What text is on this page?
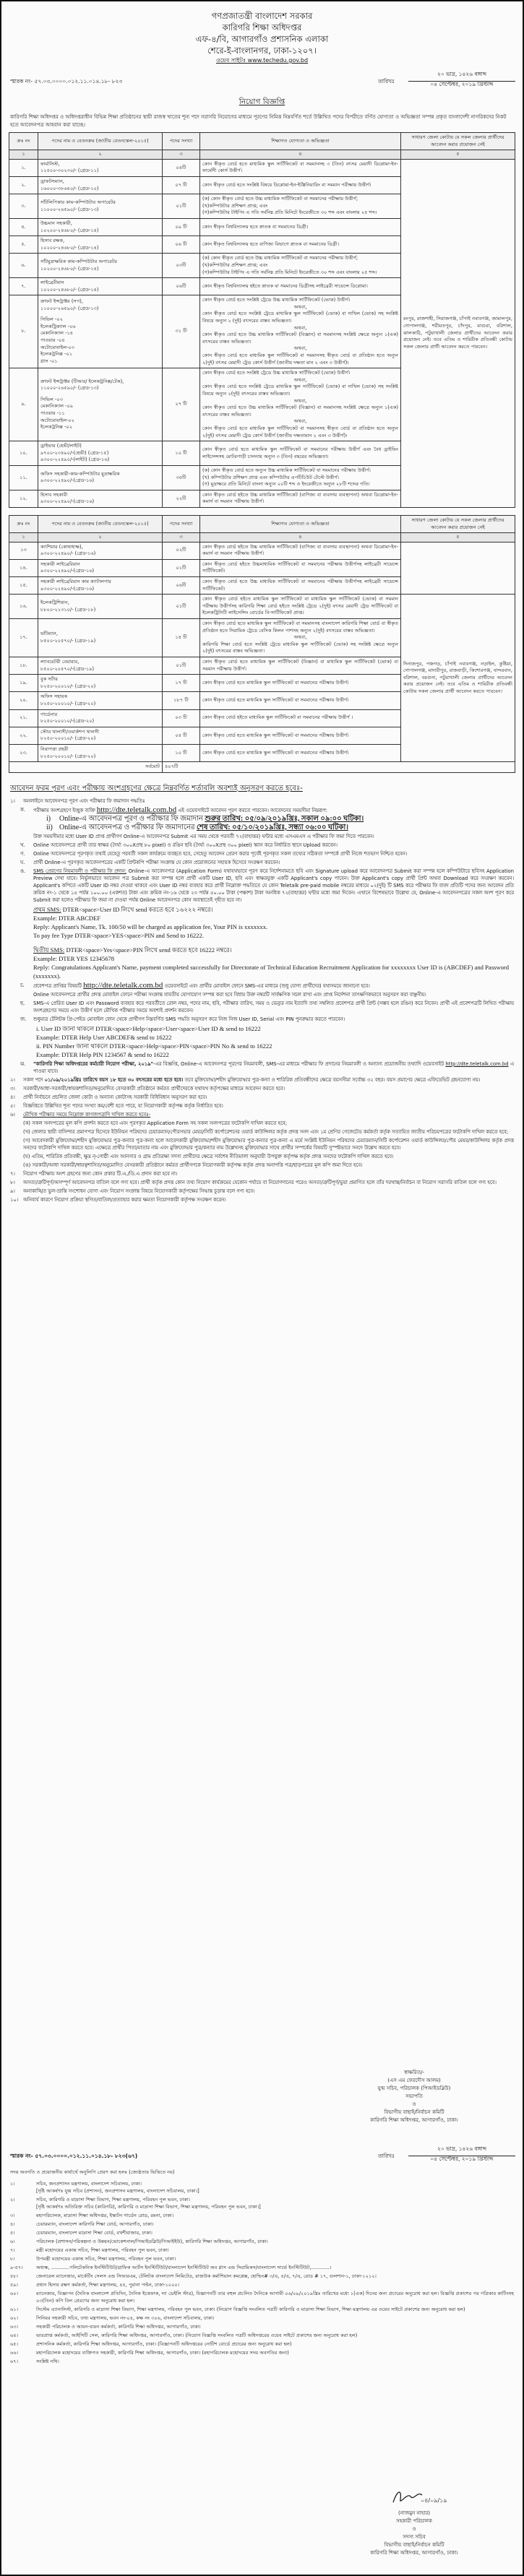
গণপ্রজাতন্ত্রী বাংলাদেশ সরকার
কারিগরি শিক্ষা অধিদপ্তর
এফ-৪/বি, আগারগাঁও প্রশাসনিক এলাকা
শেরে-ই-বাংলানগর, ঢাকা-১২০৭।
ওয়েব সাইটঃ www.techedu.gov.bd
স্মারক নং- ৫৭.০৩.০০০০.০১২.১১.০১৪.১৮- ৮২৩	তারিখঃ
২০ ভাদ্র, ১৪২৬ বঙ্গাব্দ
০৪ সেপ্টেম্বর, ২০১৯ খ্রিস্টাব্দ
নিয়োগ বিজ্ঞপ্তি
কারিগরি শিক্ষা অধিদপ্তর ও অধিদপ্তরাধীন বিভিন্ন শিক্ষা প্রতিষ্ঠানের স্থায়ী রাজস্ব খাতের শূন্য পদে সরাসরি নিয়োগের মাধ্যমে পূরণের নিমিত্ত নিম্নবর্ণিত শর্তে উল্লিখিত পদের বিপরীতে বর্ণিত যোগ্যতা ও অভিজ্ঞতা সম্পন্ন প্রকৃত বাংলাদেশী নাগরিকদের নিকট হতে আবেদনপত্র আহবান করা যাচ্ছে।
ক্রঃ নং	পদের নাম ও বেতনক্রম (জাতীয় বেতনস্কেল-২০১৫)	পদের সংখ্যা	শিক্ষাগত যোগ্যতা ও অভিজ্ঞতা	সাধারণ জেলা কোটায় যে সকল জেলার প্রার্থীদের আবেদন করার প্রয়োজন নেই
১	২	৩	৪	৫
১.	
ফার্মাসিস্ট,
১২৫০০-৩০২৩০/- (গ্রেড-১১)
	০৪টি	কোন স্বীকৃত বোর্ড হতে মাধ্যমিক স্কুল সার্টিফিকেট বা সমমানসহ ৩ (তিন) বৎসর মেয়াদী ডিপ্লোমা-ইন-ফার্মেসী কোর্স উত্তীর্ণ।	রংপুর, রাজশাহী, সিরাজগঞ্জ, চাঁপাই নবাবগঞ্জ, জামালপুর, গোপালগঞ্জ, শরীয়তপুর, চাঁদপুর, মাগুরা, বরিশাল, ঝালকাঠি, পটুয়াখালী জেলার প্রার্থীদের আবেদন করার প্রয়োজন নেই। তবে এতিম ও শারিরীক প্রতিবন্ধী কোটায় সকল জেলার প্রার্থী আবেদন করতে পারবেন।
২.	
ড্রাফটসম্যান,
১৬০০০-৩৮৬৪০/- (গ্রেড-১০)
	০৭ টি	কোন স্বীকৃত বোর্ড হতে সংশ্লিষ্ট বিষয়ে ডিপ্লোমা-ইন-ইঞ্জিনিয়ারিং বা সমমান পরীক্ষায় উত্তীর্ণ।
৩.	
সাঁটলিপিকার কাম-কম্পিউটার অপারেটর
১১০০০-২৬৫৯০/- (গ্রেড-১৩)
	০১টি	
(ক) কোন স্বীকৃত বোর্ড হতে উচ্চ মাধ্যমিক সার্টিফিকেট বা সমমানের পরীক্ষায় উত্তীর্ণ;
(খ)কম্পিউটার প্রশিক্ষণ প্রাপ্ত; এবং
(গ)কম্পিউটার টাইপিং এ গতি সর্বনিম্ন প্রতি মিনিটে ইংরেজীতে ৩০ শব্দ এবং বাংলায় ২৫ শব্দ।

৪.	
উচ্চমান সহকারী,
১০২০০-২৪৬৮০/- (গ্রেড-১৪)
	০৯ টি	কোন স্বীকৃত বিশ্ববিদ্যালয় হতে স্নাতক বা সমমানের ডিগ্রী।
৫.	
হিসাব রক্ষক,
১০২০০-২৪৬৮০/- (গ্রেড-১৪)
	০৬ টি	কোন স্বীকৃত বিশ্ববিদ্যালয় হতে বাণিজ্য বিভাগে স্নাতক বা সমমানের ডিগ্রী।
৬.	
সাঁটমুদ্রাক্ষরিক কাম-কম্পিউটার অপারেটর
১০২০০-২৪৬৮০/- (গ্রেড-১৪)
	০৩টি	
(ক) কোন স্বীকৃত বোর্ড হতে উচ্চ মাধ্যমিক সার্টিফিকেট বা সমমানের পরীক্ষায় উত্তীর্ণ;
(খ)কম্পিউটার প্রশিক্ষণ প্রাপ্ত; এবং
(গ)কম্পিউটার টাইপিং এ গতি সর্বনিম্ন প্রতি মিনিটে ইংরেজীতে ৩০ শব্দ এবং বাংলায় ২৫ শব্দ।

৭.	
লাইব্রেরীয়ান
১০২০০-২৪৬৮০/- (গ্রেড-১৪)
	০৬টি	কোন স্বীকৃত বিশ্ববিদ্যালয় হইতে স্নাতক বা সমমানের ডিগ্রীসহ লাইব্রেরী সায়েন্সে ডিপ্লোমা।
৮.	
ক্রাফট ইন্সট্রাক্টর (সপ),
১১০০০-২৬৫৯০/- (গ্রেড-১৩)
সিভিল -০২
ইলেকট্রিক্যাল -০৬
মেকানিক্যাল -১৪
পাওয়ার -০৪
অটোমোবাইল-০৩
ইলেকট্রনিক্স -০১
গ্লাস -০১
	৩১ টি	
কোন স্বীকৃত বোর্ড হতে সংশ্লিষ্ট ট্রেডে উচ্চ মাধ্যমিক সার্টিফিকেট (ভোক) উত্তীর্ণ।
অথবা,
কোন স্বীকৃত বোর্ড হতে সংশ্লিষ্ট ট্রেডে মাধ্যমিক স্কুল সার্টিফিকেট (ভোক) বা দাখিল (ভোক) সহ সংশ্লিষ্ট বিষয়ে অন্যুন ২ (দুই) বৎসরের বাস্তব অভিজ্ঞতা।
অথবা,
কোন স্বীকৃত বোর্ড হতে উচ্চ মাধ্যমিক সার্টিফিকেট (বিজ্ঞান) বা সমমানসহ সংশ্লিষ্ট ক্ষেত্রে অন্যুন ১(এক) বৎসরের বাস্তব অভিজ্ঞতা।
অথবা,
কোন স্বীকৃত বোর্ড হতে মাধ্যমিক স্কুল সার্টিফিকেট বা সমমানসহ স্বীকৃত বোর্ড বা প্রতিষ্ঠান হতে অন্যুন ২(দুই) বৎসর মেয়াদী ট্রেড কোর্স উত্তীর্ণ (জাতীয় দক্ষতা মান ২ এবং ৩ উত্তীর্ণ)।

৯.	
ক্রাফট ইন্সট্রাক্টর (টিআর/ ইলেকট্রনিক্স/টেক),
১১০০০-২৬৫৯০/- (গ্রেড-১৩)
সিভিল -০৩
মেকানিক্যাল -০৯
পাওয়ার -১১
অটোমোবাইল-০২
ইলেকট্রনিক্স -০২
	২৭ টি	
কোন স্বীকৃত বোর্ড হতে সংশ্লিষ্ট ট্রেডে উচ্চ মাধ্যমিক সার্টিফিকেট (ভোক) উত্তীর্ণ।
অথবা,
কোন স্বীকৃত বোর্ড হতে সংশ্লিষ্ট ট্রেডে মাধ্যমিক স্কুল সার্টিফিকেট (ভোক) বা দাখিল (ভোক) সহ সংশ্লিষ্ট বিষয়ে অন্যুন ২(দুই) বৎসরের বাস্তব অভিজ্ঞতা।
অথবা,
কোন স্বীকৃত বোর্ড হতে উচ্চ মাধ্যমিক সার্টিফিকেট (বিজ্ঞান) বা সমমানসহ সংশ্লিষ্ট ক্ষেত্রে অন্যুন ১(এক) বৎসরের বাস্তব অভিজ্ঞতা।
অথবা,
কোন স্বীকৃত বোর্ড হতে মাধ্যমিক স্কুল সার্টিফিকেট বা সমমানসহ স্বীকৃত বোর্ড বা প্রতিষ্ঠান হতে অন্যুন ২(দুই) বৎসর মেয়াদী ট্রেড কোর্স উত্তীর্ণ (জাতীয় দক্ষতামান ২ এবং ৩ উত্তীর্ণ)।

১০.	
ড্রাইভার (হেভী/লাইট)
৯৭০০-২৩৪৯০/-(হেভী) (গ্রেড-১৫)
৯৩০০-২২৪৯০/-(লাইট) (গ্রেড-১৬)
	১০ টি	কোন স্বীকৃত বোর্ড হতে মাধ্যমিক স্কুল সার্টিফিকেট বা সমমানের পরীক্ষায় উত্তীর্ণ এবং বৈধ ড্রাইভিং লাইসেন্সসহ মোটরগাড়ী চালনায় অন্যুন ৩ (তিন) বছরের অভিজ্ঞতা।
১১.	
অফিস সহকারী-কাম-কম্পিউটার মুদ্রাক্ষরিক
৯৩০০-২২৪৯০/-(গ্রেড-১৬)
	৩৫টি	
(ক) কোন স্বীকৃত বোর্ড হতে অন্যুন উচ্চ মাধ্যমিক সার্টিফিকেট বা সমমানের পরীক্ষায় উত্তীর্ণ।
(খ) কম্পিউটার প্রশিক্ষণ প্রাপ্ত এবং কম্পিউটার এপটিচিউট টেস্টে উত্তীর্ণ।
(গ) মুদ্রাক্ষরে প্রতি মিনিটে বাংলা অন্যুন ২০টি শব্দ ও ইংরেজীতে অন্যুন ২৮টি শব্দের গতি।

১২.	
হিসাব সহকারী
৯৩০০-২২৪৯০/-(গ্রেড-১৬)
	২২টি	কোন স্বীকৃত বোর্ড হইতে উচ্চ মাধ্যমিক সার্টিফিকেট (বাণিজ্য বা ব্যবসায় ব্যবস্থাপনা) অথবা ডিপ্লোমা-ইন-কমার্স বা সমমান পরীক্ষায় উত্তীর্ণ।
ক্রঃ নং	পদের নাম ও বেতনক্রম (জাতীয় বেতনস্কেল-২০১৫)	পদের সংখ্যা	শিক্ষাগত যোগ্যতা ও অভিজ্ঞতা	সাধারণ জেলা কোটায় যে সকল জেলার প্রার্থীদের আবেদন করার প্রয়োজন নেই
১	২	৩	৪	৫
১৩	
ক্যাশিয়ার (কোষাধ্যক্ষ),
৯৩০০-২২৪৯০/- (গ্রেড-১৬)
	০২টি	কোন স্বীকৃত বোর্ড হইতে উচ্চ মাধ্যমিক সার্টিফিকেট (বাণিজ্য বা ব্যবসায় ব্যবস্থাপনা) অথবা ডিপ্লোমা-ইন-কমার্স বা সমমান পরীক্ষায় উত্তীর্ণ।	
১৪.	
সহকারী লাইব্রেরিয়ান
৯৩০০-২২৪৯০/-(গ্রেড-১৬)
	০১টি	কোন স্বীকৃত বোর্ড হইতে উচ্চমাধ্যমিক সার্টিফিকেট বা সমমানের পরীক্ষায় উত্তীর্ণসহ লাইব্রেরী সায়েন্সে সার্টিফিকেট।
১৫.	
সহকারী লাইব্রেরিয়ান কাম ক্যাটালগার
৯৩০০-২২৪৯০/-(গ্রেড-১৬)
	০৬টি	কোন স্বীকৃত বোর্ড হতে উচ্চ মাধ্যমিক সার্টিফিকেট বা সমমানের পরীক্ষায় উত্তীর্ণসহ লাইব্রেরী সায়েন্সে সার্টিফিকেট।
১৬.	
ইলেকট্রিশিয়ান,
৮৮০০-২১৩১০/- (গ্রেড-১৮)
	০১টি	কোন স্বীকৃত বোর্ড হইতে মাধ্যমিক স্কুল সার্টিফিকেট বা মাধ্যমিক স্কুল সার্টিফিকেট (ভোক) বা সমমান পরীক্ষায় উত্তীর্ণসহ কারিগরি শিক্ষা বোর্ড হইতে সংশ্লিষ্ট ট্রেডে ২(দুই) বৎসর মেয়াদী ট্রেড সার্টিফিকেট বা ইলেকট্রিসিটি লাইসেন্সিং বোর্ডের বি-সার্টিফিকেট প্রাপ্ত।	দিনাজপুর, পঞ্চগড়, চাঁপাই নবাবগঞ্জ, নড়াইল, কুষ্টিয়া, গোপালগঞ্জ, মাদারীপুর, রাজবাড়ী, কিশোরগঞ্জ, বান্দরবান, বরিশাল, বরগুনা, পটুয়াখালী জেলার প্রার্থীদের আবেদন করার প্রয়োজন নেই। তবে এতিম ও শারিরীক প্রতিবন্ধী কোটায় সকল জেলার প্রার্থী আবেদন করতে পারবেন।
১৭.	
ভাঁটম্যান,
৮৫০০-২০৫৭০/- (গ্রেড-১৯)
	১৪ টি	
কোন স্বীকৃত বোর্ড হতে মাধ্যমিক স্কুল সার্টিফিকেট বা সমমানসহ বাংলাদেশ কারিগরি শিক্ষা বোর্ড বা স্বীকৃত প্রতিষ্ঠান হতে সিরামিক ট্রেডে বেসিক কিলন পাশসহ অন্যুন ২(দুই) বৎসরের বাস্তব অভিজ্ঞতা।
অথবা,
কারিগরি শিক্ষা বোর্ড হতে সংশ্লিষ্ট ট্রেডে মাধ্যমিক স্কুল সার্টিফিকেট (ভোক) সহ সংশ্লিষ্ট ক্ষেত্রে অন্যুন ২(দুই) বৎসরের বাস্তব অভিজ্ঞতা।

১৮.	
ল্যাবরেটরী বেয়ারার,
৮৫০০-২০৫৭০/-(গ্রেড-১৯)
	০১টি	কোন স্বীকৃত বোর্ড হতে মাধ্যমিক স্কুল সার্টিফিকেট (বিজ্ঞান) বা মাধ্যমিক স্কুল সার্টিফিকেট (ভোক) বা সমমান পরীক্ষায় উত্তীর্ণ।
১৯.	
বুক সর্টার
৮২৫০-২০০১০/- (গ্রেড-২০)
	১৭ টি	কোন স্বীকৃত বোর্ড হতে মাধ্যমিক স্কুল সার্টিফিকেট বা সমমানের পরীক্ষায় উত্তীর্ণ।
২০.	
অফিস সহায়ক
৮২৫০-২০০১০/- (গ্রেড-২০)
	১৮৭ টি	কোন স্বীকৃত বোর্ড হতে মাধ্যমিক স্কুল সার্টিফিকেট বা সমমানের পরীক্ষায় উত্তীর্ণ।
২১.	
গার্ডেনার
৮২৫০-২০০১০/-(গ্রেড-২০)
	০৩ টি	কোন স্বীকৃত বোর্ড হইতে মাধ্যমিক স্কুল সার্টিফিকেট বা সমমানের পরীক্ষায় উত্তীর্ণ ।
২২.	
স্টোর খালাসী/ওয়ার্কশপ খালসী
৮২৫০-২০০১০/- (গ্রেড-২০)
	০৪ টি	কোন স্বীকৃত বোর্ড হতে মাধ্যমিক স্কুল সার্টিফিকেট বা সমমানের পরীক্ষায় উত্তীর্ণ।
২৩.	
নিরাপত্তা প্রহরী
৮২৫০-২০০১০/- (গ্রেড-২০)
	১০ টি	কোন স্বীকৃত বোর্ড হতে মাধ্যমিক স্কুল সার্টিফিকেট বা সমমানের পরীক্ষায় উত্তীর্ণ।
সর্বমোট	৪০৭টি
আবেদন ফরম পূরণ এবং পরীক্ষায় অংশগ্রহণের ক্ষেত্রে নিম্নবর্ণিত শর্তাবলি অবশ্যই অনুসরণ করতে হবেঃ-
১।	অনলাইনে আবেদনপত্র পূরণ এবং পরীক্ষার ফি জমাদান পদ্ধতিঃ
ক.	পরীক্ষায় অংশগ্রহণে ইচ্ছুক ব্যক্তি http://dte.teletalk.com.bd এই ওয়েবসাইটে আবেদন পূরণ করতে পারবেন। আবেদনের সময়সীমা নিম্নরূপ:
i)	Online-এ আবেদনপত্র পূরণ ও পরীক্ষার ফি জমাদান শুরুর তারিখ: ০৫/০৯/২০১৯খ্রিঃ, সকাল ০৯:০০ ঘটিকা।
ii) Online-এ আবেদনপত্র ও পরীক্ষার ফি জমাদানের শেষ তারিখ: ০৫/১০/২০১৯খ্রিঃ, সন্ধ্যা ০৬:০০ ঘটিকা।
উক্ত সময়সীমার মধ্যে User ID প্রাপ্ত প্রার্থীগণ Online-এ আবেদনপত্র Submit এর সময় থেকে পরবর্তী ৭২(বাহাত্তর) ঘন্টার মধ্যে এসএমএস এ পরীক্ষার ফি জমা দিতে পারবেন।
খ.	Online আবেদনপত্রে প্রার্থী তার স্বাক্ষর (দৈর্ঘ্য ৩০০Xপ্রস্থ ৮০ pixel) ও রঙিন ছবি (দৈর্ঘ্য ৩০০Xপ্রস্থ ৩০০ pixel) স্ক্যান করে নির্ধারিত স্থানে Upload করবেন।
গ.	Online আবেদনপত্রে পূরণকৃত তথ্যই যেহেতু পরবর্তী সকল কার্যক্রমে ব্যবহৃত হবে, সেহেতু আবেদন প্রেরণ করার পূর্বেই পূরণকৃত সকল তথ্যের সঠিকতা সম্পর্কে প্রার্থী নিজে শতভাগ নিশ্চিত হবেন।
ঘ.	প্রার্থী Online-এ পূরণকৃত আবেদনপত্রের একটি প্রিন্টকপি পরীক্ষা সংক্রান্ত যে কোন প্রয়োজনের সহায়ক হিসেবে সংরক্ষণ করবেন।
ঙ.	SMS প্রেরণের নিয়মাবলী ও পরীক্ষার ফি প্রদান: Online-এ আবেদনপত্র (Application Form) যথাযথভাবে পূরণ করে নির্দেশনামতে ছবি এবং Signature upload করে আবেদনপত্র Submit করা সম্পন্ন হলে কম্পিউটারে ছবিসহ Application Preview দেখা যাবে। নির্ভুলভাবে আবেদন পত্র Submit করা সম্পন্ন হলে প্রার্থী একটি User ID, ছবি এবং স্বাক্ষরযুক্ত একটি Applicant's copy পাবেন। উক্ত Applicant's copy প্রার্থী প্রিন্ট অথবা Download করে সংরক্ষণ করবেন। Applicant's কপিতে একটি User ID নম্বর দেওয়া থাকবে এবং User ID নম্বর ব্যবহার করে প্রার্থী নিম্নোক্ত পদ্ধতিতে যে কোন Teletalk pre-paid mobile নম্বরের মাধ্যমে ০২(দুই) টি SMS করে পরীক্ষার ফি বাবদ প্রতিটি পদের জন্য আবেদন প্রতি ক্রমিক নং-১ থেকে ১৫ পর্যন্ত ১০০.০০ (একশত) টাকা এবং ক্রমিক নং-১৬ থেকে ২৩ পর্যন্ত ৫০.০০ টাকা (পঞ্চাশ) টাকা অনধিক ৭২(বাহাত্তর) ঘন্টার মধ্যে জমা দিবেন। এখানে বিশেষভাবে উল্লেখ্য যে, Online-এ আবেদনপত্রের সকল অংশ পূরণ করে Submit করা হলেও পরীক্ষার ফি জমা না দেওয়া পর্যন্ত Online আবেদনপত্র কোন অবস্থাতেই গৃহীত হবে না।
প্রথম SMS: DTER<space>User ID লিখে send করতে হবে ১৬২২২ নম্বরে।
Example: DTER ABCDEF
Reply: Applicant's Name, Tk. 100/50 will be charged as application fee, Your PIN is xxxxxxx.
To pay fee Type DTER<space>YES<space>PIN and Send to 16222.
দ্বিতীয় SMS: DTER<space>Yes<space>PIN লিখে send করতে হবে 16222 নম্বরে।
Example: DTER YES 12345678
Reply: Congratulations Applicant's Name, payment completed successfully for Directorate of Technical Education Recruitment Application for xxxxxxxx User ID is (ABCDEF) and Password (xxxxxxx).
চ.	প্রবেশপত্র প্রাপ্তির বিষয়টি http://dte.teletalk.com.bd ওয়েবসাইটে এবং প্রার্থীর মোবাইল ফোনে SMS-এর মাধ্যমে (শুধু যোগ্য প্রার্থীদের) যথাসময়ে জানানো হবে।
Online আবেদনপত্রে প্রার্থীর প্রদত্ত মোবাইল ফোনে পরীক্ষা সংক্রান্ত যাবতীয় যোগাযোগ সম্পন্ন করা হবে বিধায় উক্ত নম্বরটি সার্বক্ষণিক সচল রাখা এবং প্রাপ্ত নির্দেশনা তাৎক্ষণিকভাবে অনুসরণ করা বাঞ্ছনীয়।
ছ.	SMS-এ প্রেরিত User ID এবং Password ব্যবহার করে পরবর্তীতে রোল নম্বর, পদের নাম, ছবি, পরীক্ষার তারিখ, সময় ও ভেন্যুর নাম ইত্যাদি তথ্য সম্বলিত প্রবেশপত্র প্রার্থী প্রিন্ট (সম্ভব হলে রঙিন) করে নিবেন। প্রার্থী এই প্রবেশপত্রটি লিখিত পরীক্ষায় অংশগ্রহণের সময়ে এবং উত্তীর্ণ হলে মৌখিক পরীক্ষার সময়ে অবশ্যই প্রদর্শন করবেন।
জ.	শুধুমাত্র টেলিটক প্রি-পেইড মোবাইল ফোন থেকে প্রার্থীগণ নিম্নবর্ণিত SMS পদ্ধতি অনুসরণ করে নিজ নিজ User ID, Serial এবং PIN পুনরুদ্ধার করতে পারবেন।
i. User ID জানা থাকলে DTER<space>Help<space>User<space>User ID & send to 16222
Example: DTER Help User ABCDEF& send to 16222
ii. PIN Number জানা থাকলে DTER<space>Help<space>PIN<space>PIN No & send to 16222
Example: DTER Help PIN 1234567 & send to 16222
ঝ.	"কারিগরি শিক্ষা অধিদপ্তরের কর্মচারী নিয়োগ পরীক্ষা, ২০১৯"-এর বিজ্ঞপ্তি, Online-এ আবেদনপত্র পূরণের নিয়মাবলী, SMS-এর মাধ্যমে পরীক্ষার ফি প্রদানের নিয়মাবলী ও অন্যান্য প্রয়োজনীয় তথ্যাদি ওয়েবসাইট http://dte.teletalk.com.bd এ পাওয়া যাবে।
২।	সকল পদে ০১/০৯/২০১৯খ্রিঃ তারিখে বয়স ১৮ হতে ৩০ বৎসরের মধ্যে হতে হবে। তবে মুক্তিযোদ্ধা/শহীদ মুক্তিযোদ্ধার পুত্র-কন্যা ও শারিরিক প্রতিবন্ধীদের ক্ষেত্রে বয়সসীমা সর্বোচ্চ ৩২ বছর। বয়স প্রমাণের ক্ষেত্রে এফিডেভিট গ্রহনযোগ্য নয়।
৩।	সরকারী/আধা-সরকারী/স্বায়ত্তশাসিত/অনুমোদিত বেসরকারী প্রতিষ্ঠানে কর্মরত প্রার্থীদেরকে যথাযথ কর্তৃপক্ষের মাধ্যমে আবেদন করতে হবে।
৪।	প্রার্থী নির্বাচনে প্রচলিত জেলা কোটা ও অন্যান্য কোটাসহ সরকারী বিধিবিধান অনুসরণ করা হবে।
৫।	বিজ্ঞপ্তিতে উল্লিখিত শূন্য পদের সংখ্যা কম/বেশী হতে পারে, যা নিয়োগকারী কর্তৃপক্ষ কর্তৃক নির্ধারিত হবে।
৬।	মৌখিক পরীক্ষার সময়ে নিম্নোক্ত কাগজপত্রাদি দাখিল করতে হবেঃ-
(ক) সকল সনদপত্রের মূল কপি প্রদর্শন করতে হবে এবং পূরণকৃত Application Form সহ সকল সনদপত্রের ফটোকপি দাখিল করতে হবে;
(খ) জেলার স্থায়ী বাসিন্দার প্রমাণপত্র হিসেবে ইউনিয়ন পরিষদের চেয়ারম্যান/পৌরসভার মেয়র/সিটি কর্পোরেশনের ওয়ার্ড কাউন্সিলর কর্তৃক প্রদত্ত সনদ এবং ১ম শ্রেণির গেজেটেড কর্মকর্তা কর্তৃক সত্যায়িত জাতীয় পরিচয়পত্রের ফটোকপি দাখিল করতে হবে;
(গ) আবেদকারী মুক্তিযোদ্ধা/শহীদ মুক্তিযোদ্ধার পুত্র-কন্যার পুত্র-কন্যা হলে আবেদকারী মুক্তিযোদ্ধা/শহীদ মুক্তিযোদ্ধার পুত্র-কন্যার পুত্র-কন্যা এ মর্মে সংশ্লিষ্ট ইউনিয়ন পরিষদের চেয়ারম্যান/সিটি কর্পোরেশন ওয়ার্ড কাউন্সিলর/পৌর মেয়র/কাউন্সিলর কর্তৃক প্রদত্ত সনদের ফটোকপি দাখিল করতে হবে। এক্ষেত্রে প্রার্থীর পিতা/মাতার নাম এবং মুক্তিযোদ্ধার পুত্র/কন্যার নাম উল্লেখসহ মুক্তিযোদ্ধার সাথে প্রার্থীর সম্পর্কের বিষয়টি সুস্পষ্টভাবে সনদে উল্লেখ করতে হবে।
(ঘ) এতিম, শারিরিক প্রতিবন্ধী, ক্ষুদ্র নৃ-গোষ্ঠী এবং আনসার ও গ্রাম প্রতিরক্ষা সদস্য প্রার্থীদের ক্ষেত্রে সর্বশেষ নীতিমালা অনুযায়ী উপযুক্ত কর্তৃপক্ষ কর্তৃক প্রদত্ত সনদের ফটোকপি দাখিল করতে হবে।
(ঙ) সরকারী/আধা সরকারী/স্বায়ত্বশাসিত/অনুমোদিত বেসরকারী প্রতিষ্ঠানে কর্মরত প্রার্থীগণকে নিয়োগকারী কর্তৃপক্ষ কর্তৃক প্রদত্ত অনাপত্তি পত্র/ছাড়পত্রের মূল কপি জমা দিতে হবে।
৭।	নিয়োগ পরীক্ষায় অংশ গ্রহণের জন্য কোন প্রকার টি.এ./ডি.এ প্রদান করা হবে না।
৮।	অসত্য/ত্রুটিপূর্ণ/অসম্পূর্ণ আবেদনপত্র বাতিল বলে গণ্য হবে। প্রার্থী কর্তৃক প্রদত্ত কোন তথ্য নিয়োগ কার্যক্রমের যেকোন পর্যায়ে বা নিয়োগদানের পরেও অসত্য/ত্রুটিপূর্ণ/ভুয়া প্রমাণিত হলে তাঁর দরখাস্ত/নির্বাচন বা নিয়োগ সরাসরি বাতিল বলে গণ্য হবে।
৯।	অনাকাঙ্খিত ভুল-ভ্রান্তি সংশোধন যোগ্য এবং নিয়োগ সংক্রান্ত বিষয়ে নিয়োগকারী কর্তৃপক্ষের সিদ্ধান্ত চূড়ান্ত বলে গণ্য হবে।
১০। অনিবার্য কারণে নিয়োগ প্রক্রিয়া স্থগিত/বাতিল/প্রত্যাহার করার ক্ষমতা নিয়োগকারী কর্তৃপক্ষ সংরক্ষণ করেন।
স্বাক্ষরিত/-
(এস এম ফেরদৌস আলম)
যুগ্ম সচিব, পরিচালক (পিআইডব্লিউ)
সভাপতি
ও
বিভাগীয় বাছাই/নির্বাচন কমিটি
কারিগরি শিক্ষা অধিদপ্তর, আগারগাঁও, ঢাকা।
স্মারক নং- ৫৭.০৩.০০০০.০১২.১১.০১৪.১৮- ৮২৩(৬৭)	তারিখঃ
২০ ভাদ্র, ১৪২৬ বঙ্গাব্দ
০৪ সেপ্টেম্বর, ২০১৯ খ্রিস্টাব্দ
সদয় অবগতি ও প্রয়োজনীয় কার্যার্থে অনুলিপি প্রেরণ করা হলঃ (জ্যেষ্ঠতার ভিত্তিতে নয়)
১।	সচিব, জনপ্রশাসন মন্ত্রণালয়, বাংলাদেশ সচিবালয়, ঢাকা।
[দৃষ্টি আকর্ষণঃ যুগ্ম সচিব (প্রশাসন), জনপ্রশাসন মন্ত্রণালয়, বাংলাদেশ সচিবালয়, ঢাকা।]
২।	সচিব, কারিগরি ও মাদ্রাসা শিক্ষা বিভাগ, শিক্ষা মন্ত্রণালয়, পরিবহন পুল ভবন, ঢাকা।
[দৃষ্টি আকর্ষণঃ অতিরিক্ত সচিব (কারিগরি), কারিগরি ও মাদ্রাসা শিক্ষা বিভাগ, শিক্ষা মন্ত্রণালয়, পরিবহন পুল ভবন, ঢাকা।]
৩।	মহাপরিচালক, মাদ্রাসা শিক্ষা অধিদপ্তর, ইস্কাটন গার্ডেন রোড, রমনা, ঢাকা।
৪।	চেয়ারম্যান, বাংলাদেশ কারিগরি শিক্ষা বোর্ড, আগারগাঁও, ঢাকা।
৫।	চেয়ারম্যান, বাংলাদেশ মাদ্রাসা শিক্ষা বোর্ড, বখশীবাজার, ঢাকা।
৬।	পরিচালক (প্রশাসন/পরিকল্পনা ও উন্নয়ন/ভোকেশনাল/পিআইডব্লিউ/পিআইইউ), কারিগরি শিক্ষা অধিদপ্তর, আগারগাঁও, ঢাকা।
৭।	মন্ত্রী মহোদয়ের একান্ত সচিব, শিক্ষা মন্ত্রণালয়, পরিবহন পুল ভবন, ঢাকা।
৮।	উপমন্ত্রী মহোদয়ের একান্ত সচিব, শিক্ষা মন্ত্রণালয়, পরিবহন পুল ভবন, ঢাকা।
৯-৫৭।	অধ্যক্ষ, ............পলিটেকনিক ইনস্টিটিউট/গ্রাফিক আর্টস ইনস্টিটিউট/বাংলাদেশ ইনস্টিটিউট অব গ্লাস এন্ড সিরামিকস/বাংলাদেশ সার্ভে ইনস্টিটিউট,............।
৫৮।	জেনারেল ম্যানেজার, মার্কেটিং সেলস এন্ড সিআরএম, টেলিটক বাংলাদেশ লিমিটেড, রাজউক কর্মাশিয়াল কমপ্লেক্স, হোল্ডিং# ৩/এ, ৫/এ, ৭/এ, রোড # ১৭, গুলশান-১, ঢাকা-১২১২।
৫৯।	প্রধান হিসাব রক্ষণ কর্মকর্তা, শিক্ষা মন্ত্রণালয়, ৪৫, পুরানা পল্টন, ঢাকা-১০০০।
৬০।	ম্যানেজার, বিজ্ঞাপন (দৈনিক বাংলাদেশ প্রতিদিন, দৈনিক ইত্তেফাক, দ্যা ডেইলি স্টার), বিজ্ঞাপনটি তার বহুল প্রচলিত দৈনিকে আগামী ০৬/০৯/২০১৯খ্রিঃ তারিখের মধ্যে ১(এক) দিনের জন্য প্রচারের অনুরোধ করা হল। বিজ্ঞপ্তি প্রকাশের পর পত্রিকার কাটিংসহ ০৩(তিন) কপি বিল প্রেরণের জন্য অনুরোধ করা হল।
৬১।	সিস্টেম এ্যানালিস্ট, কারিগরি ও মাদ্রাসা শিক্ষা বিভাগ, শিক্ষা মন্ত্রণালয়, পরিবহন পুল ভবন, ঢাকা। (নিয়োগ বিজ্ঞপ্তি সংবলিত পত্রটি কারিগরি ও মাদ্রাসা শিক্ষা বিভাগ, শিক্ষা মন্ত্রণালয় এর ওয়েব সাইটে প্রকাশের জন্য অনুরোধ করা হল)
৬২।	সিনিয়র সহকারী সচিব, তথ্য মন্ত্রণালয়, ভবন নং-০৪, কক্ষ নং ৩০৬, বাংলাদেশ সচিবালয়, ঢাকা।
৬৩।	সহকারী পরিচালক ও আয়ন-ব্যয়ন কর্মকর্তা, কারিগরি শিক্ষা অধিদপ্তর, আগারগাঁও, ঢাকা।
৬৪।	ভারপ্রাপ্ত কর্মকর্তা, আইসিটি সেল, কারিগরি শিক্ষা অধিদপ্তর, আগারগাঁও, ঢাকা। (নিয়োগ বিজ্ঞপ্তি সংবলিত পত্রটি অধিদপ্তরের ওয়েব সাইটে প্রকাশের জন্য অনুরোধ করা হল)
৬৫।	প্রশাসনিক কর্মকর্তা, কারিগরি শিক্ষা অধিদপ্তর, আগারগাঁও, ঢাকা। (বিজ্ঞাপনটি অধিদপ্তরের নোটিশ বোর্ডে প্রচারের জন্য অনুরোধ করা হল)
৬৬।	মহাপরিচালক মহোদয়ের ব্যক্তিগত সহকারী, কারিগরি শিক্ষা অধিদপ্তর, আগারগাঁও, ঢাকা। (মহাপরিচালক মহোদয়ের সদয় অবগতির জন্য)
৬৭।	সংশ্লিষ্ট নথি।
০৪/০৯/১৯
(নাজমুন নাহার)
সহকারী পরিচালক
ও
সদস্য সচিব
বিভাগীয় বাছাই/নির্বাচন কমিটি
কারিগরি শিক্ষা অধিদপ্তর, আগারগাঁও, ঢাকা।
